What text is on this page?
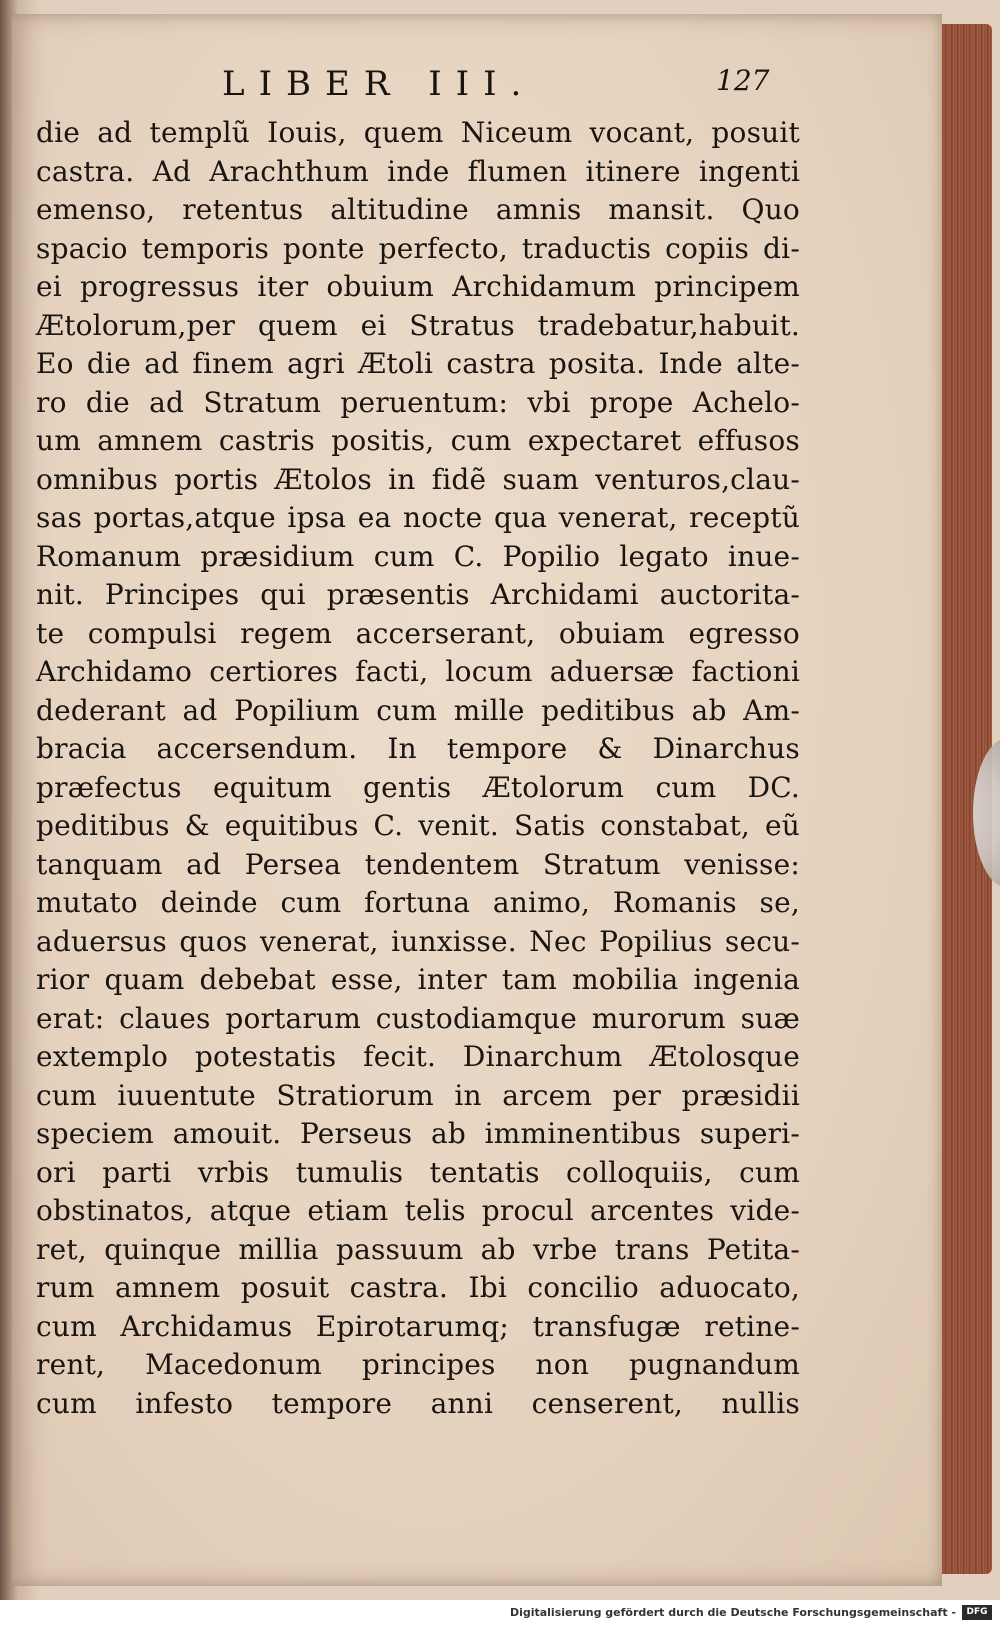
LIBER III.	127
die ad templũ Iouis, quem Niceum vocant, posuit
castra. Ad Arachthum inde flumen itinere ingenti
emenso, retentus altitudine amnis mansit. Quo
spacio temporis ponte perfecto, traductis copiis di-
ei progressus iter obuium Archidamum principem
Ætolorum,per quem ei Stratus tradebatur,habuit.
Eo die ad finem agri Ætoli castra posita. Inde alte-
ro die ad Stratum peruentum: vbi prope Achelo-
um amnem castris positis, cum expectaret effusos
omnibus portis Ætolos in fidẽ suam venturos,clau-
sas portas,atque ipsa ea nocte qua venerat, receptũ
Romanum præsidium cum C. Popilio legato inue-
nit. Principes qui præsentis Archidami auctorita-
te compulsi regem accerserant, obuiam egresso
Archidamo certiores facti, locum aduersæ factioni
dederant ad Popilium cum mille peditibus ab Am-
bracia accersendum. In tempore & Dinarchus
præfectus equitum gentis Ætolorum cum DC.
peditibus & equitibus C. venit. Satis constabat, eũ
tanquam ad Persea tendentem Stratum venisse:
mutato deinde cum fortuna animo, Romanis se,
aduersus quos venerat, iunxisse. Nec Popilius secu-
rior quam debebat esse, inter tam mobilia ingenia
erat: claues portarum custodiamque murorum suæ
extemplo potestatis fecit. Dinarchum Ætolosque
cum iuuentute Stratiorum in arcem per præsidii
speciem amouit. Perseus ab imminentibus superi-
ori parti vrbis tumulis tentatis colloquiis, cum
obstinatos, atque etiam telis procul arcentes vide-
ret, quinque millia passuum ab vrbe trans Petita-
rum amnem posuit castra. Ibi concilio aduocato,
cum Archidamus Epirotarumq; transfugæ retine-
rent, Macedonum principes non pugnandum
cum infesto tempore anni censerent, nullis
Digitalisierung gefördert durch die Deutsche Forschungsgemeinschaft -	DFG
